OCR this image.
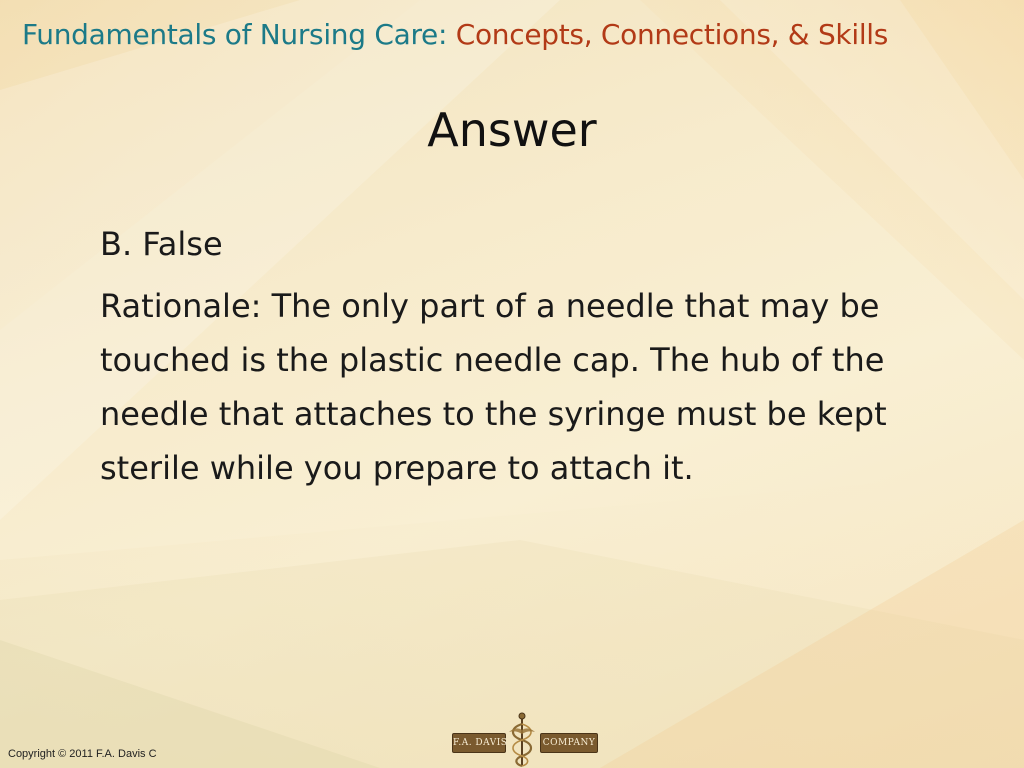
Fundamentals of Nursing Care: Concepts, Connections, & Skills
Answer

B. False

Rationale: The only part of a needle that may be touched is the plastic needle cap. The hub of the needle that attaches to the syringe must be kept sterile while you prepare to attach it.

F.A. DAVIS	COMPANY
Copyright © 2011 F.A. Davis C
